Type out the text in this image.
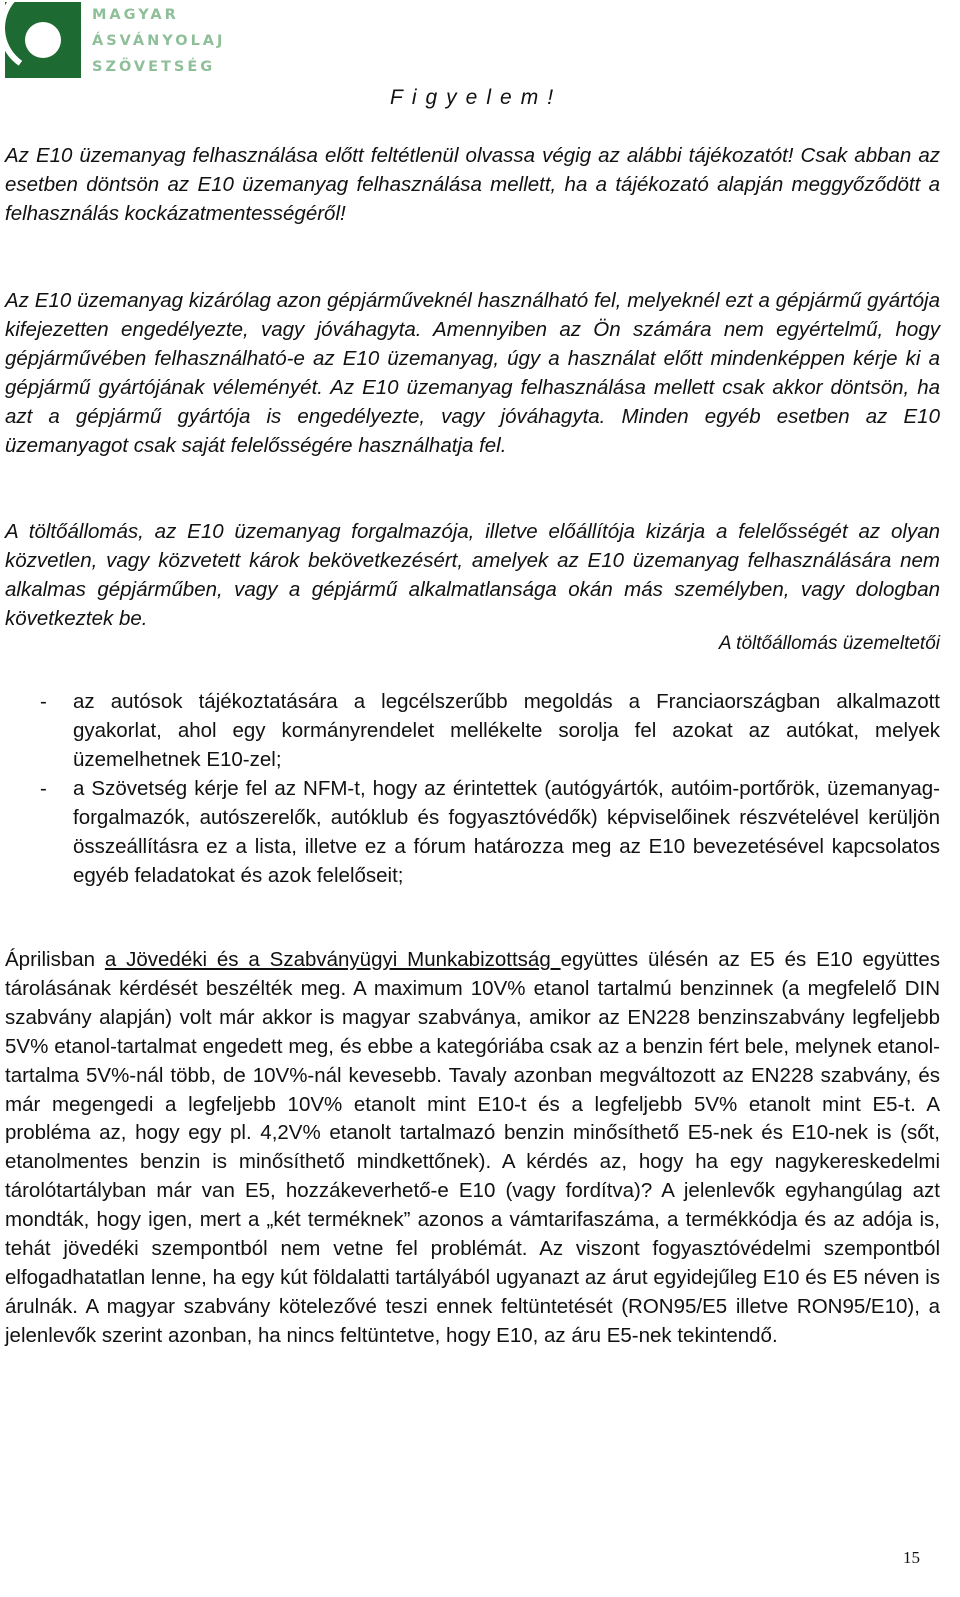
MAGYAR
ÁSVÁNYOLAJ
SZÖVETSÉG
Figyelem!

Az E10 üzemanyag felhasználása előtt feltétlenül olvassa végig az alábbi tájékozatót! Csak abban az esetben döntsön az E10 üzemanyag felhasználása mellett, ha a tájékozató alapján meggyőződött a felhasználás kockázatmentességéről!

Az E10 üzemanyag kizárólag azon gépjárműveknél használható fel, melyeknél ezt a gépjármű gyártója kifejezetten engedélyezte, vagy jóváhagyta. Amennyiben az Ön számára nem egyértelmű, hogy gépjárművében felhasználható-e az E10 üzemanyag, úgy a használat előtt mindenképpen kérje ki a gépjármű gyártójának véleményét. Az E10 üzemanyag felhasználása mellett csak akkor döntsön, ha azt a gépjármű gyártója is engedélyezte, vagy jóváhagyta. Minden egyéb esetben az E10 üzemanyagot csak saját felelősségére használhatja fel.

A töltőállomás, az E10 üzemanyag forgalmazója, illetve előállítója kizárja a felelősségét az olyan közvetlen, vagy közvetett károk bekövetkezésért, amelyek az E10 üzemanyag felhasználására nem alkalmas gépjárműben, vagy a gépjármű alkalmatlansága okán más személyben, vagy dologban következtek be.

A töltőállomás üzemeltetői
- az autósok tájékoztatására a legcélszerűbb megoldás a Franciaországban alkalmazott gyakorlat, ahol egy kormányrendelet mellékelte sorolja fel azokat az autókat, melyek üzemelhetnek E10-zel;
- a Szövetség kérje fel az NFM-t, hogy az érintettek (autógyártók, autóim-portőrök, üzemanyag-forgalmazók, autószerelők, autóklub és fogyasztóvédők) képviselőinek részvételével kerüljön összeállításra ez a lista, illetve ez a fórum határozza meg az E10 bevezetésével kapcsolatos egyéb feladatokat és azok felelőseit;

Áprilisban a Jövedéki és a Szabványügyi Munkabizottság együttes ülésén az E5 és E10 együttes tárolásának kérdését beszélték meg. A maximum 10V% etanol tartalmú benzinnek (a megfelelő DIN szabvány alapján) volt már akkor is magyar szabványa, amikor az EN228 benzinszabvány legfeljebb 5V% etanol-tartalmat engedett meg, és ebbe a kategóriába csak az a benzin fért bele, melynek etanol-tartalma 5V%-nál több, de 10V%-nál kevesebb. Tavaly azonban megváltozott az EN228 szabvány, és már megengedi a legfeljebb 10V% etanolt mint E10-t és a legfeljebb 5V% etanolt mint E5-t. A probléma az, hogy egy pl. 4,2V% etanolt tartalmazó benzin minősíthető E5-nek és E10-nek is (sőt, etanolmentes benzin is minősíthető mindkettőnek). A kérdés az, hogy ha egy nagykereskedelmi tárolótartályban már van E5, hozzákeverhető-e E10 (vagy fordítva)? A jelenlevők egyhangúlag azt mondták, hogy igen, mert a „két terméknek” azonos a vámtarifaszáma, a termékkódja és az adója is, tehát jövedéki szempontból nem vetne fel problémát. Az viszont fogyasztóvédelmi szempontból elfogadhatatlan lenne, ha egy kút földalatti tartályából ugyanazt az árut egyidejűleg E10 és E5 néven is árulnák. A magyar szabvány kötelezővé teszi ennek feltüntetését (RON95/E5 illetve RON95/E10), a jelenlevők szerint azonban, ha nincs feltüntetve, hogy E10, az áru E5-nek tekintendő.

15
